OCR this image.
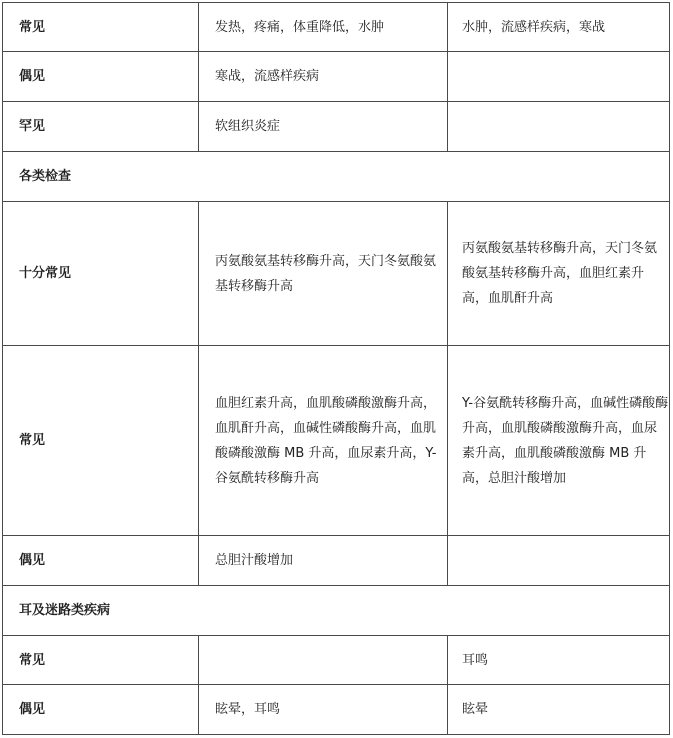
常见	发热，疼痛，体重降低，水肿	水肿，流感样疾病，寒战
偶见	寒战，流感样疾病	
罕见	软组织炎症	
各类检查		
十分常见	丙氨酸氨基转移酶升高，天门冬氨酸氨基转移酶升高	丙氨酸氨基转移酶升高，天门冬氨酸氨基转移酶升高，血胆红素升高，血肌酐升高
常见	血胆红素升高，血肌酸磷酸激酶升高，血肌酐升高，血碱性磷酸酶升高，血肌酸磷酸激酶 MB 升高，血尿素升高，Y-谷氨酰转移酶升高	Y-谷氨酰转移酶升高，血碱性磷酸酶升高，血肌酸磷酸激酶升高，血尿素升高，血肌酸磷酸激酶 MB 升高，总胆汁酸增加
偶见	总胆汁酸增加	
耳及迷路类疾病		
常见		耳鸣
偶见	眩晕，耳鸣	眩晕
